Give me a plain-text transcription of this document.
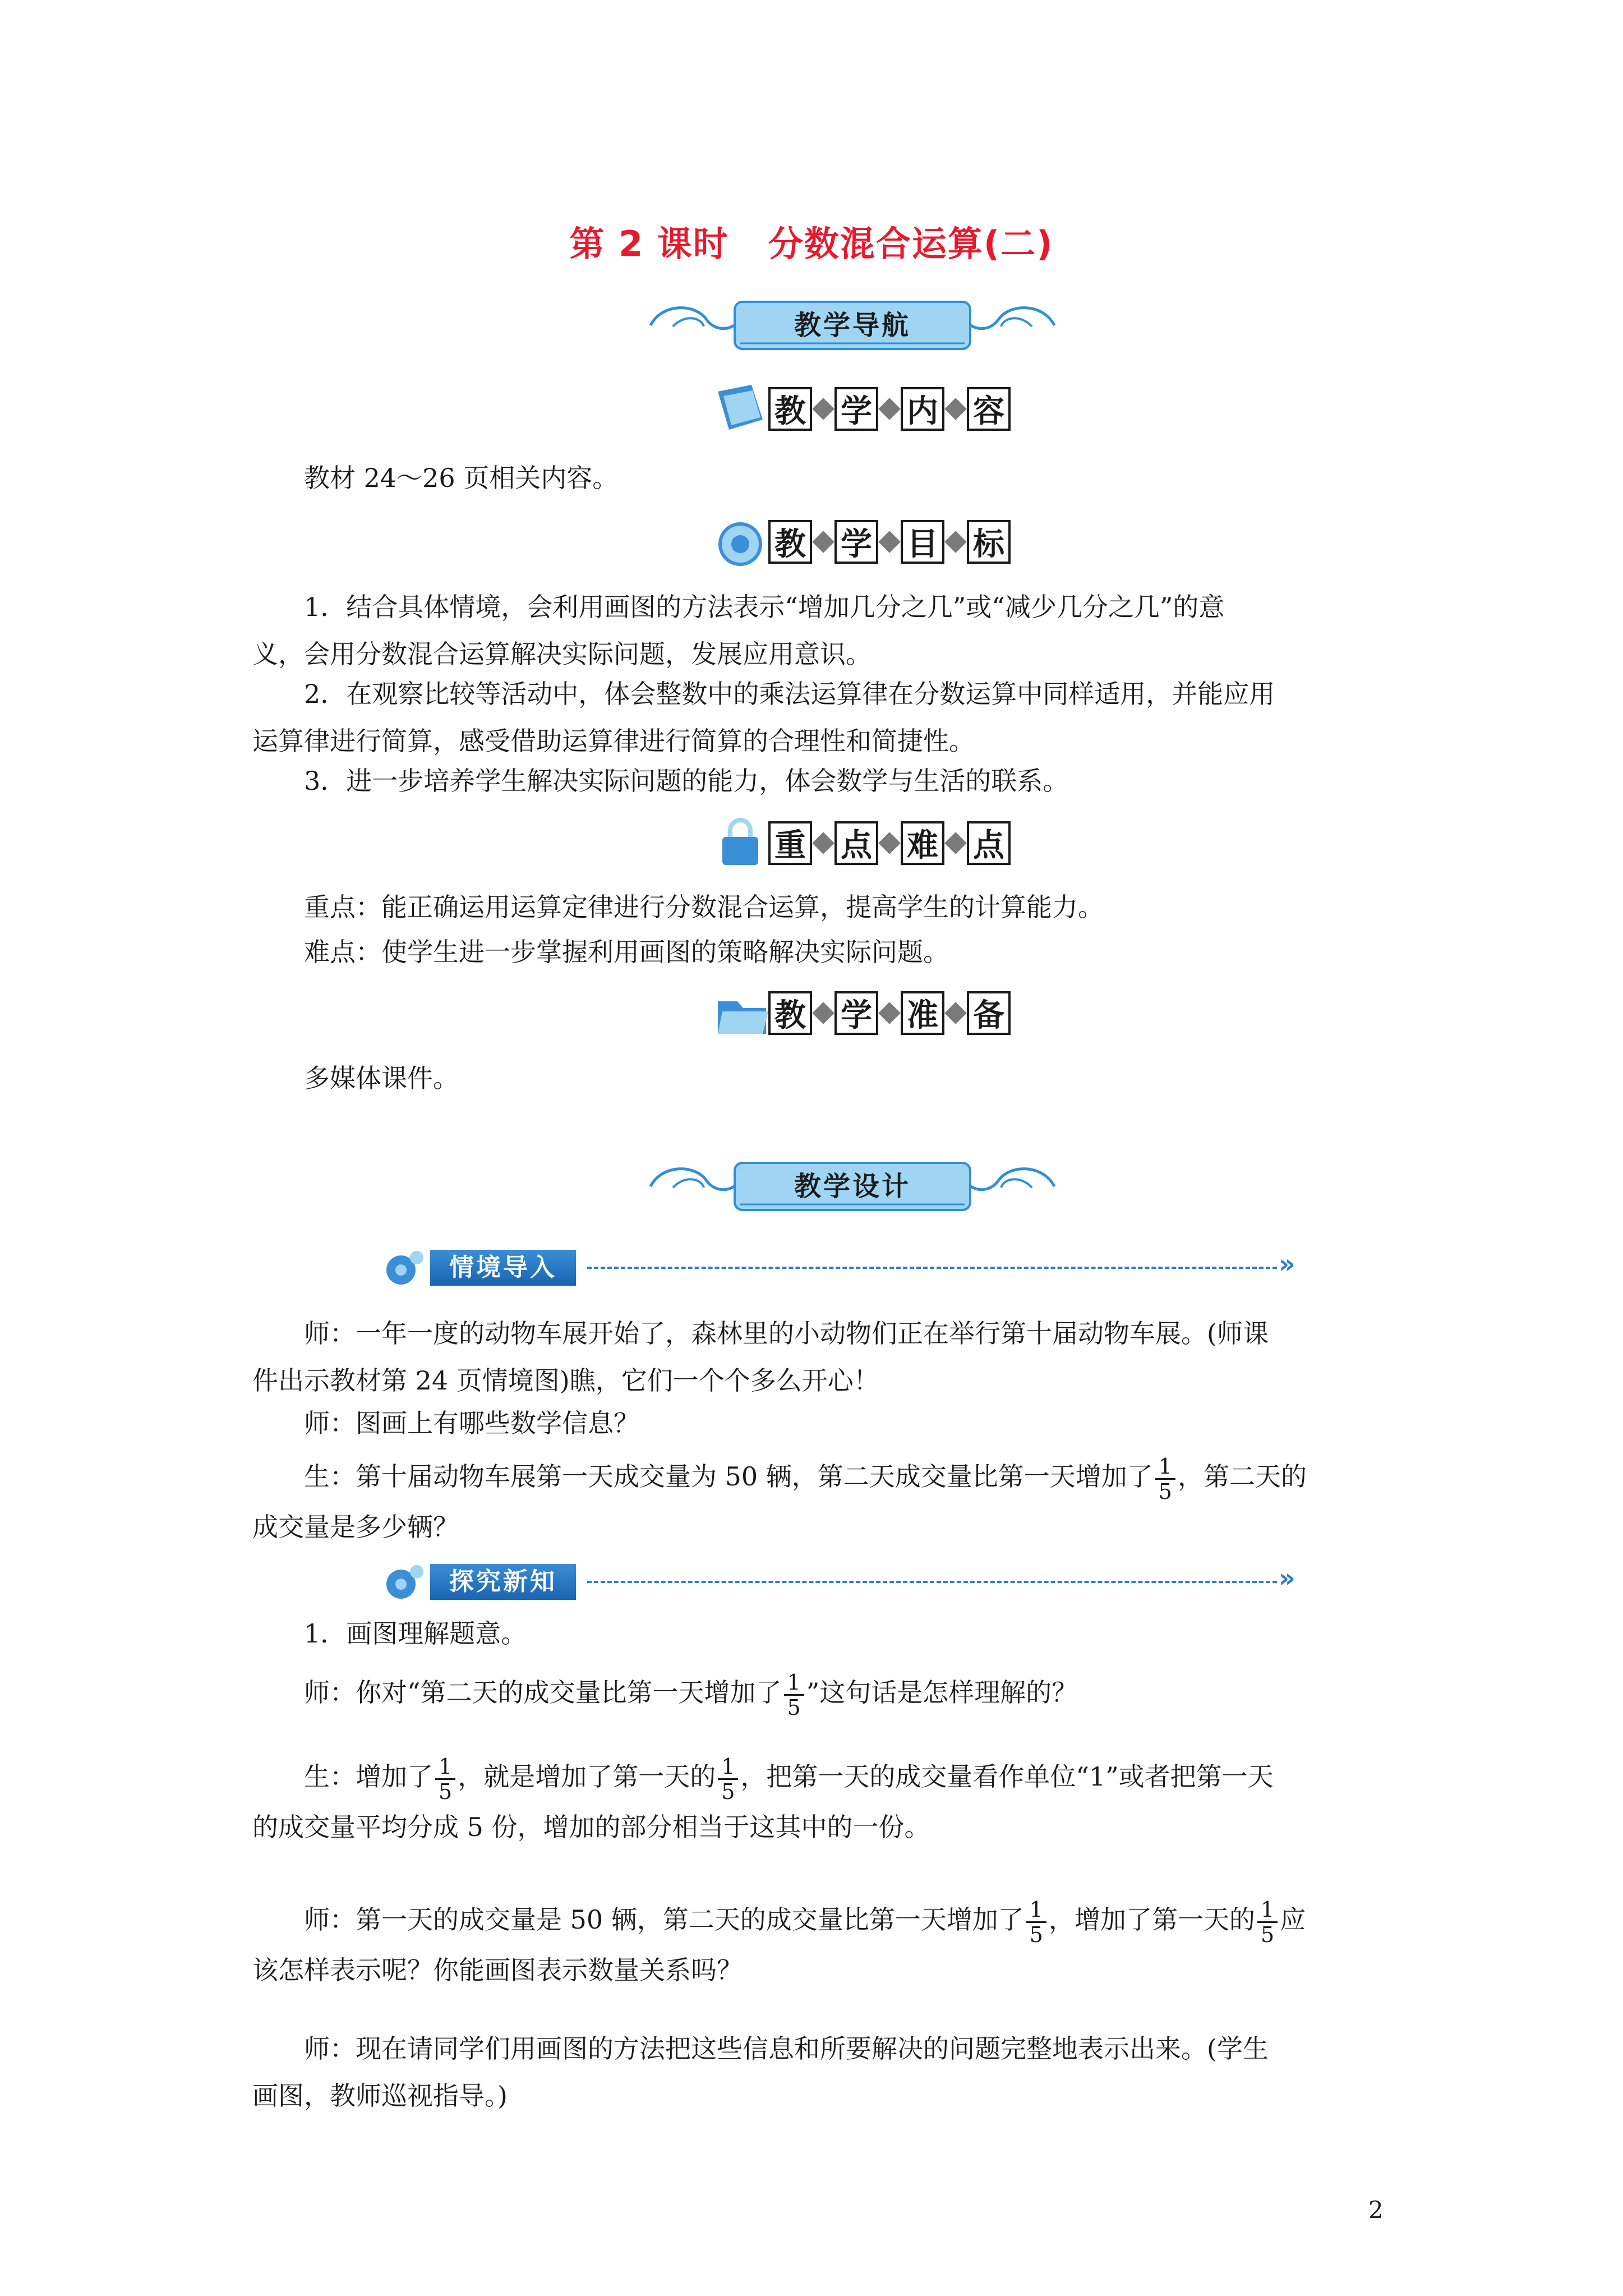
第 2 课时 分数混合运算(二)
教学导航
教 学 内 容
教材 24～26 页相关内容。
教 学 目 标
1．结合具体情境，会利用画图的方法表示“增加几分之几”或“减少几分之几”的意
义，会用分数混合运算解决实际问题，发展应用意识。
2．在观察比较等活动中，体会整数中的乘法运算律在分数运算中同样适用，并能应用
运算律进行简算，感受借助运算律进行简算的合理性和简捷性。
3．进一步培养学生解决实际问题的能力，体会数学与生活的联系。
重 点 难 点
重点：能正确运用运算定律进行分数混合运算，提高学生的计算能力。
难点：使学生进一步掌握利用画图的策略解决实际问题。
教 学 准 备
多媒体课件。
教学设计
情境导入	»
师：一年一度的动物车展开始了，森林里的小动物们正在举行第十届动物车展。(师课
件出示教材第 24 页情境图)瞧，它们一个个多么开心！
师：图画上有哪些数学信息？
生：第十届动物车展第一天成交量为 50 辆，第二天成交量比第一天增加了 $\frac{1}{5}$ ，第二天的
成交量是多少辆？
探究新知	»
1．画图理解题意。
师：你对“第二天的成交量比第一天增加了 $\frac{1}{5}$ ”这句话是怎样理解的？
生：增加了 $\frac{1}{5}$ ，就是增加了第一天的 $\frac{1}{5}$ ，把第一天的成交量看作单位“1”或者把第一天
的成交量平均分成 5 份，增加的部分相当于这其中的一份。
师：第一天的成交量是 50 辆，第二天的成交量比第一天增加了 $\frac{1}{5}$ ，增加了第一天的 $\frac{1}{5}$ 应
该怎样表示呢？你能画图表示数量关系吗？
师：现在请同学们用画图的方法把这些信息和所要解决的问题完整地表示出来。(学生
画图，教师巡视指导。)
2
